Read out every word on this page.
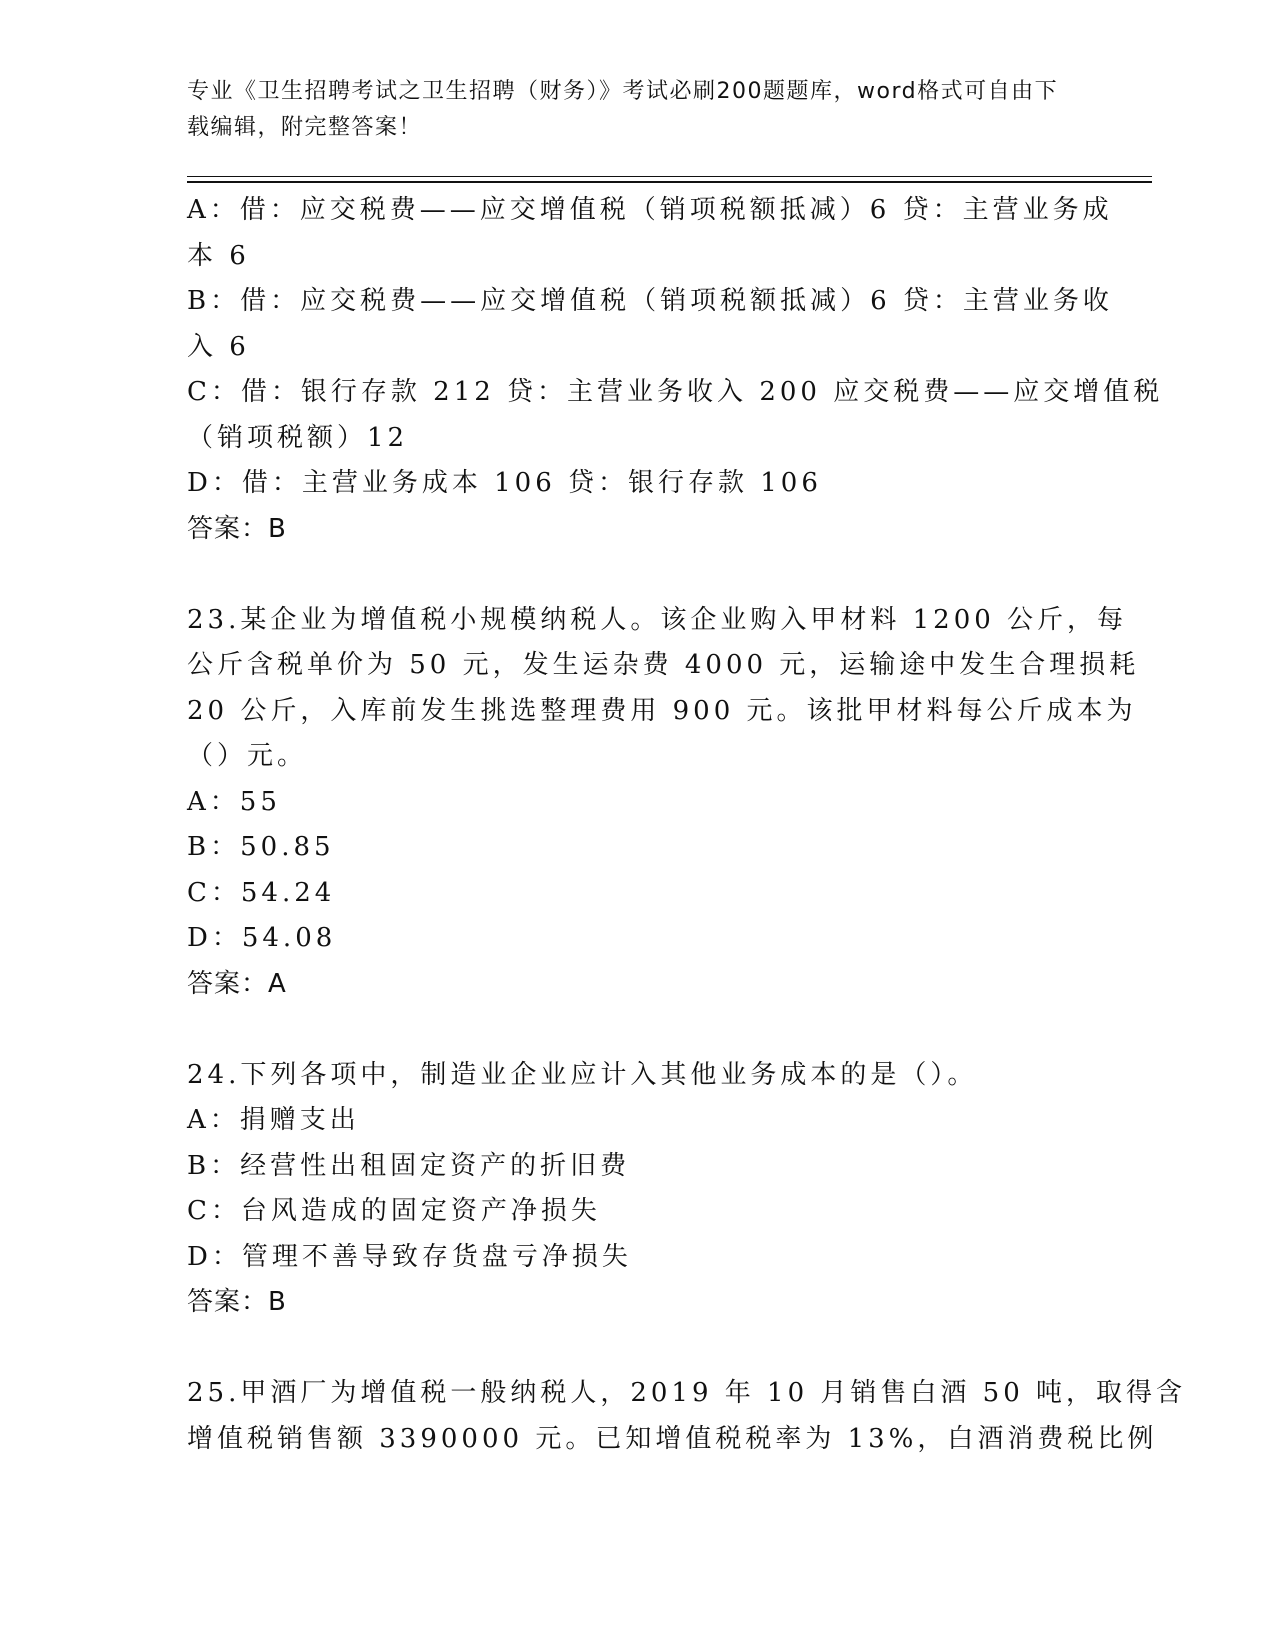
专业《卫生招聘考试之卫生招聘（财务）》考试必刷200题题库，word格式可自由下载编辑，附完整答案！
A：借：应交税费——应交增值税（销项税额抵减）6 贷：主营业务成
本 6
B：借：应交税费——应交增值税（销项税额抵减）6 贷：主营业务收
入 6
C：借：银行存款 212 贷：主营业务收入 200 应交税费——应交增值税
（销项税额）12
D：借：主营业务成本 106 贷：银行存款 106
答案：B
23.某企业为增值税小规模纳税人。该企业购入甲材料 1200 公斤，每
公斤含税单价为 50 元，发生运杂费 4000 元，运输途中发生合理损耗
20 公斤，入库前发生挑选整理费用 900 元。该批甲材料每公斤成本为
（）元。
A：55
B：50.85
C：54.24
D：54.08
答案：A
24.下列各项中，制造业企业应计入其他业务成本的是（）。
A：捐赠支出
B：经营性出租固定资产的折旧费
C：台风造成的固定资产净损失
D：管理不善导致存货盘亏净损失
答案：B
25.甲酒厂为增值税一般纳税人，2019 年 10 月销售白酒 50 吨，取得含
增值税销售额 3390000 元。已知增值税税率为 13%，白酒消费税比例
